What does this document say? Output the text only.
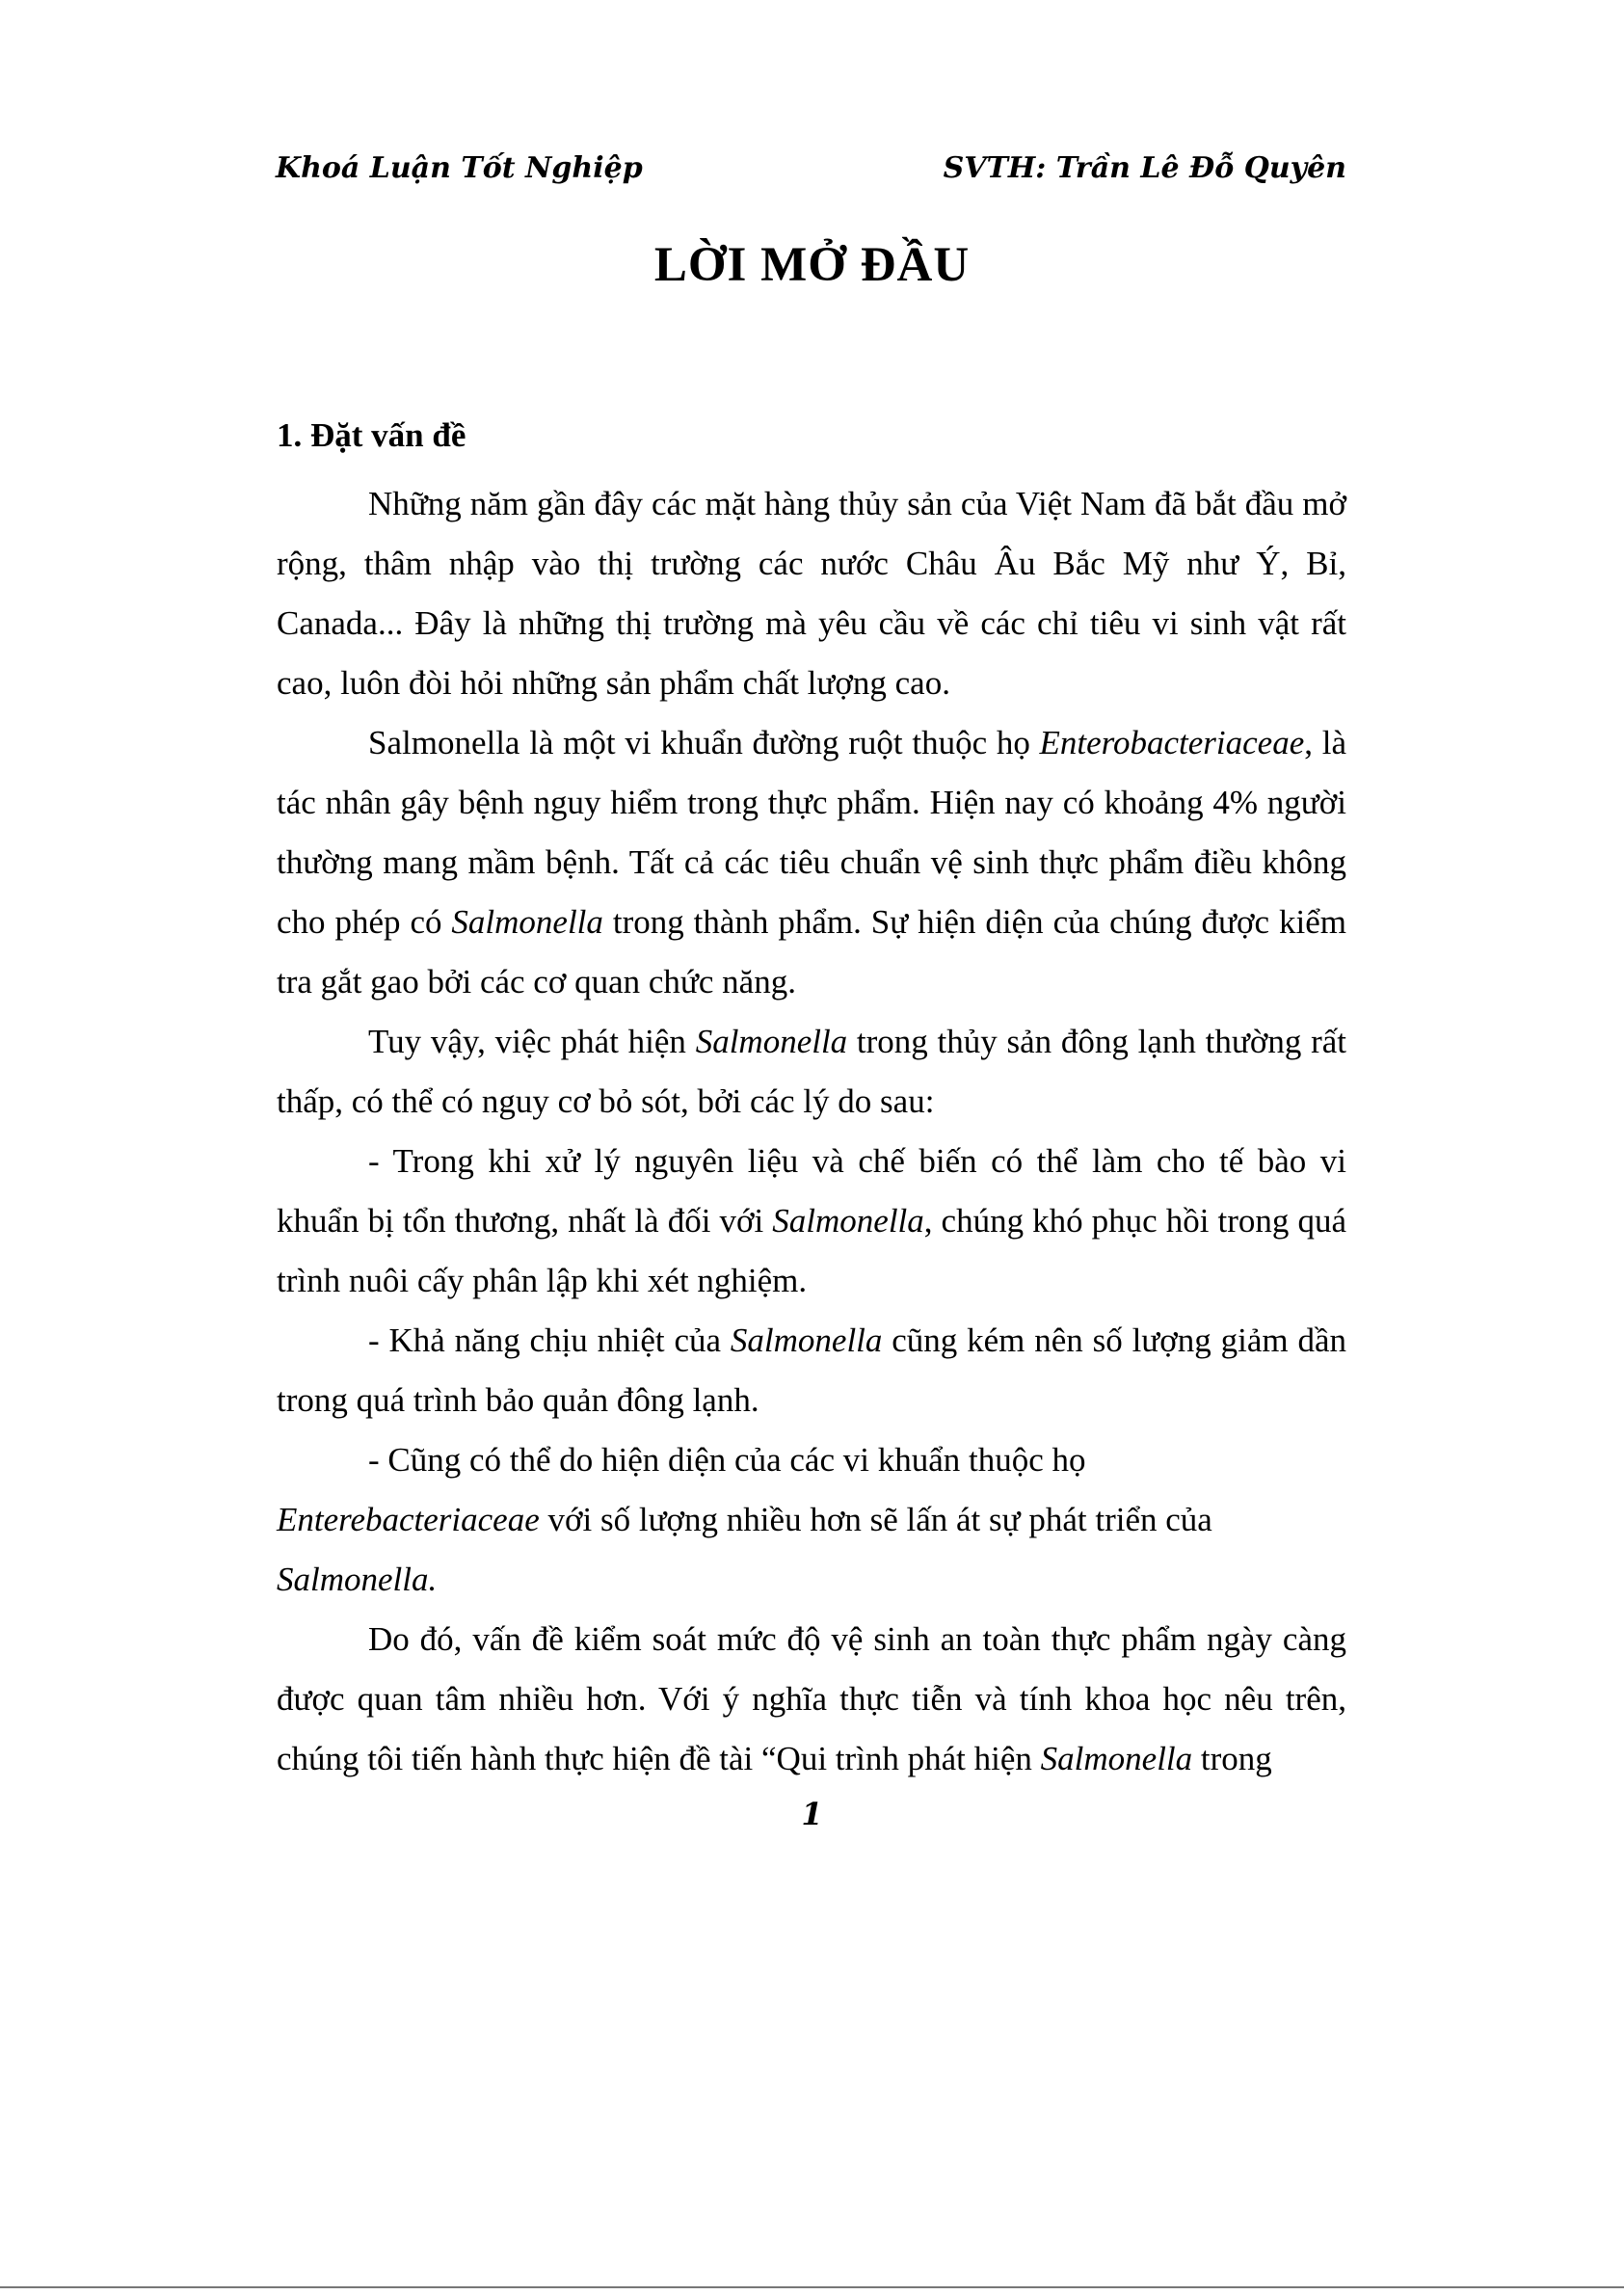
Khoá Luận Tốt Nghiệp	SVTH: Trần Lê Đỗ Quyên
LỜI MỞ ĐẦU
1. Đặt vấn đề

Những năm gần đây các mặt hàng thủy sản của Việt Nam đã bắt đầu mở rộng, thâm nhập vào thị trường các nước Châu Âu Bắc Mỹ như Ý, Bỉ, Canada... Đây là những thị trường mà yêu cầu về các chỉ tiêu vi sinh vật rất cao, luôn đòi hỏi những sản phẩm chất lượng cao.

Salmonella là một vi khuẩn đường ruột thuộc họ Enterobacteriaceae, là tác nhân gây bệnh nguy hiểm trong thực phẩm. Hiện nay có khoảng 4% người thường mang mầm bệnh. Tất cả các tiêu chuẩn vệ sinh thực phẩm điều không cho phép có Salmonella trong thành phẩm. Sự hiện diện của chúng được kiểm tra gắt gao bởi các cơ quan chức năng.

Tuy vậy, việc phát hiện Salmonella trong thủy sản đông lạnh thường rất thấp, có thể có nguy cơ bỏ sót, bởi các lý do sau:

- Trong khi xử lý nguyên liệu và chế biến có thể làm cho tế bào vi khuẩn bị tổn thương, nhất là đối với Salmonella, chúng khó phục hồi trong quá trình nuôi cấy phân lập khi xét nghiệm.

- Khả năng chịu nhiệt của Salmonella cũng kém nên số lượng giảm dần trong quá trình bảo quản đông lạnh.

- Cũng có thể do hiện diện của các vi khuẩn thuộc họ
Enterebacteriaceae với số lượng nhiều hơn sẽ lấn át sự phát triển của
Salmonella.

Do đó, vấn đề kiểm soát mức độ vệ sinh an toàn thực phẩm ngày càng được quan tâm nhiều hơn. Với ý nghĩa thực tiễn và tính khoa học nêu trên, chúng tôi tiến hành thực hiện đề tài “Qui trình phát hiện Salmonella trong

1
